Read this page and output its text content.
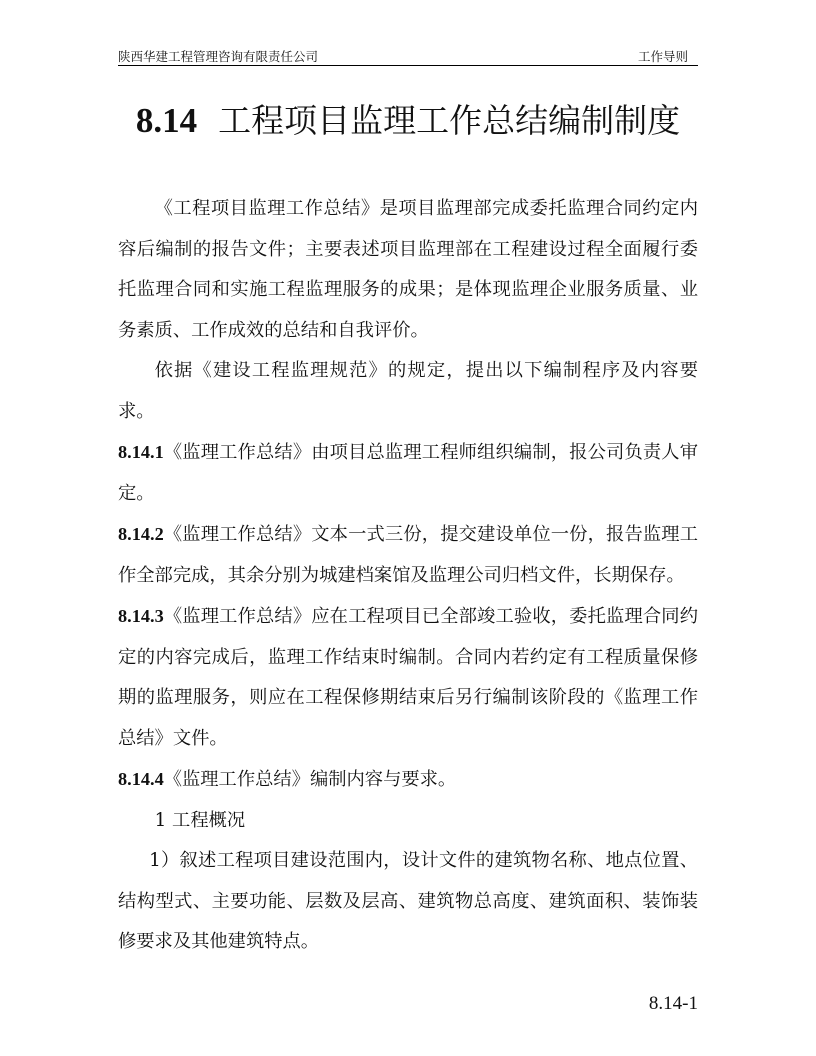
陕西华建工程管理咨询有限责任公司	工作导则
8.14 工程项目监理工作总结编制制度

《工程项目监理工作总结》是项目监理部完成委托监理合同约定内容后编制的报告文件；主要表述项目监理部在工程建设过程全面履行委托监理合同和实施工程监理服务的成果；是体现监理企业服务质量、业务素质、工作成效的总结和自我评价。

依据《建设工程监理规范》的规定，提出以下编制程序及内容要求。

8.14.1《监理工作总结》由项目总监理工程师组织编制，报公司负责人审定。

8.14.2《监理工作总结》文本一式三份，提交建设单位一份，报告监理工作全部完成，其余分别为城建档案馆及监理公司归档文件，长期保存。

8.14.3《监理工作总结》应在工程项目已全部竣工验收，委托监理合同约定的内容完成后，监理工作结束时编制。合同内若约定有工程质量保修期的监理服务，则应在工程保修期结束后另行编制该阶段的《监理工作总结》文件。

8.14.4《监理工作总结》编制内容与要求。

1 工程概况

1）叙述工程项目建设范围内，设计文件的建筑物名称、地点位置、结构型式、主要功能、层数及层高、建筑物总高度、建筑面积、装饰装修要求及其他建筑特点。

8.14-1
